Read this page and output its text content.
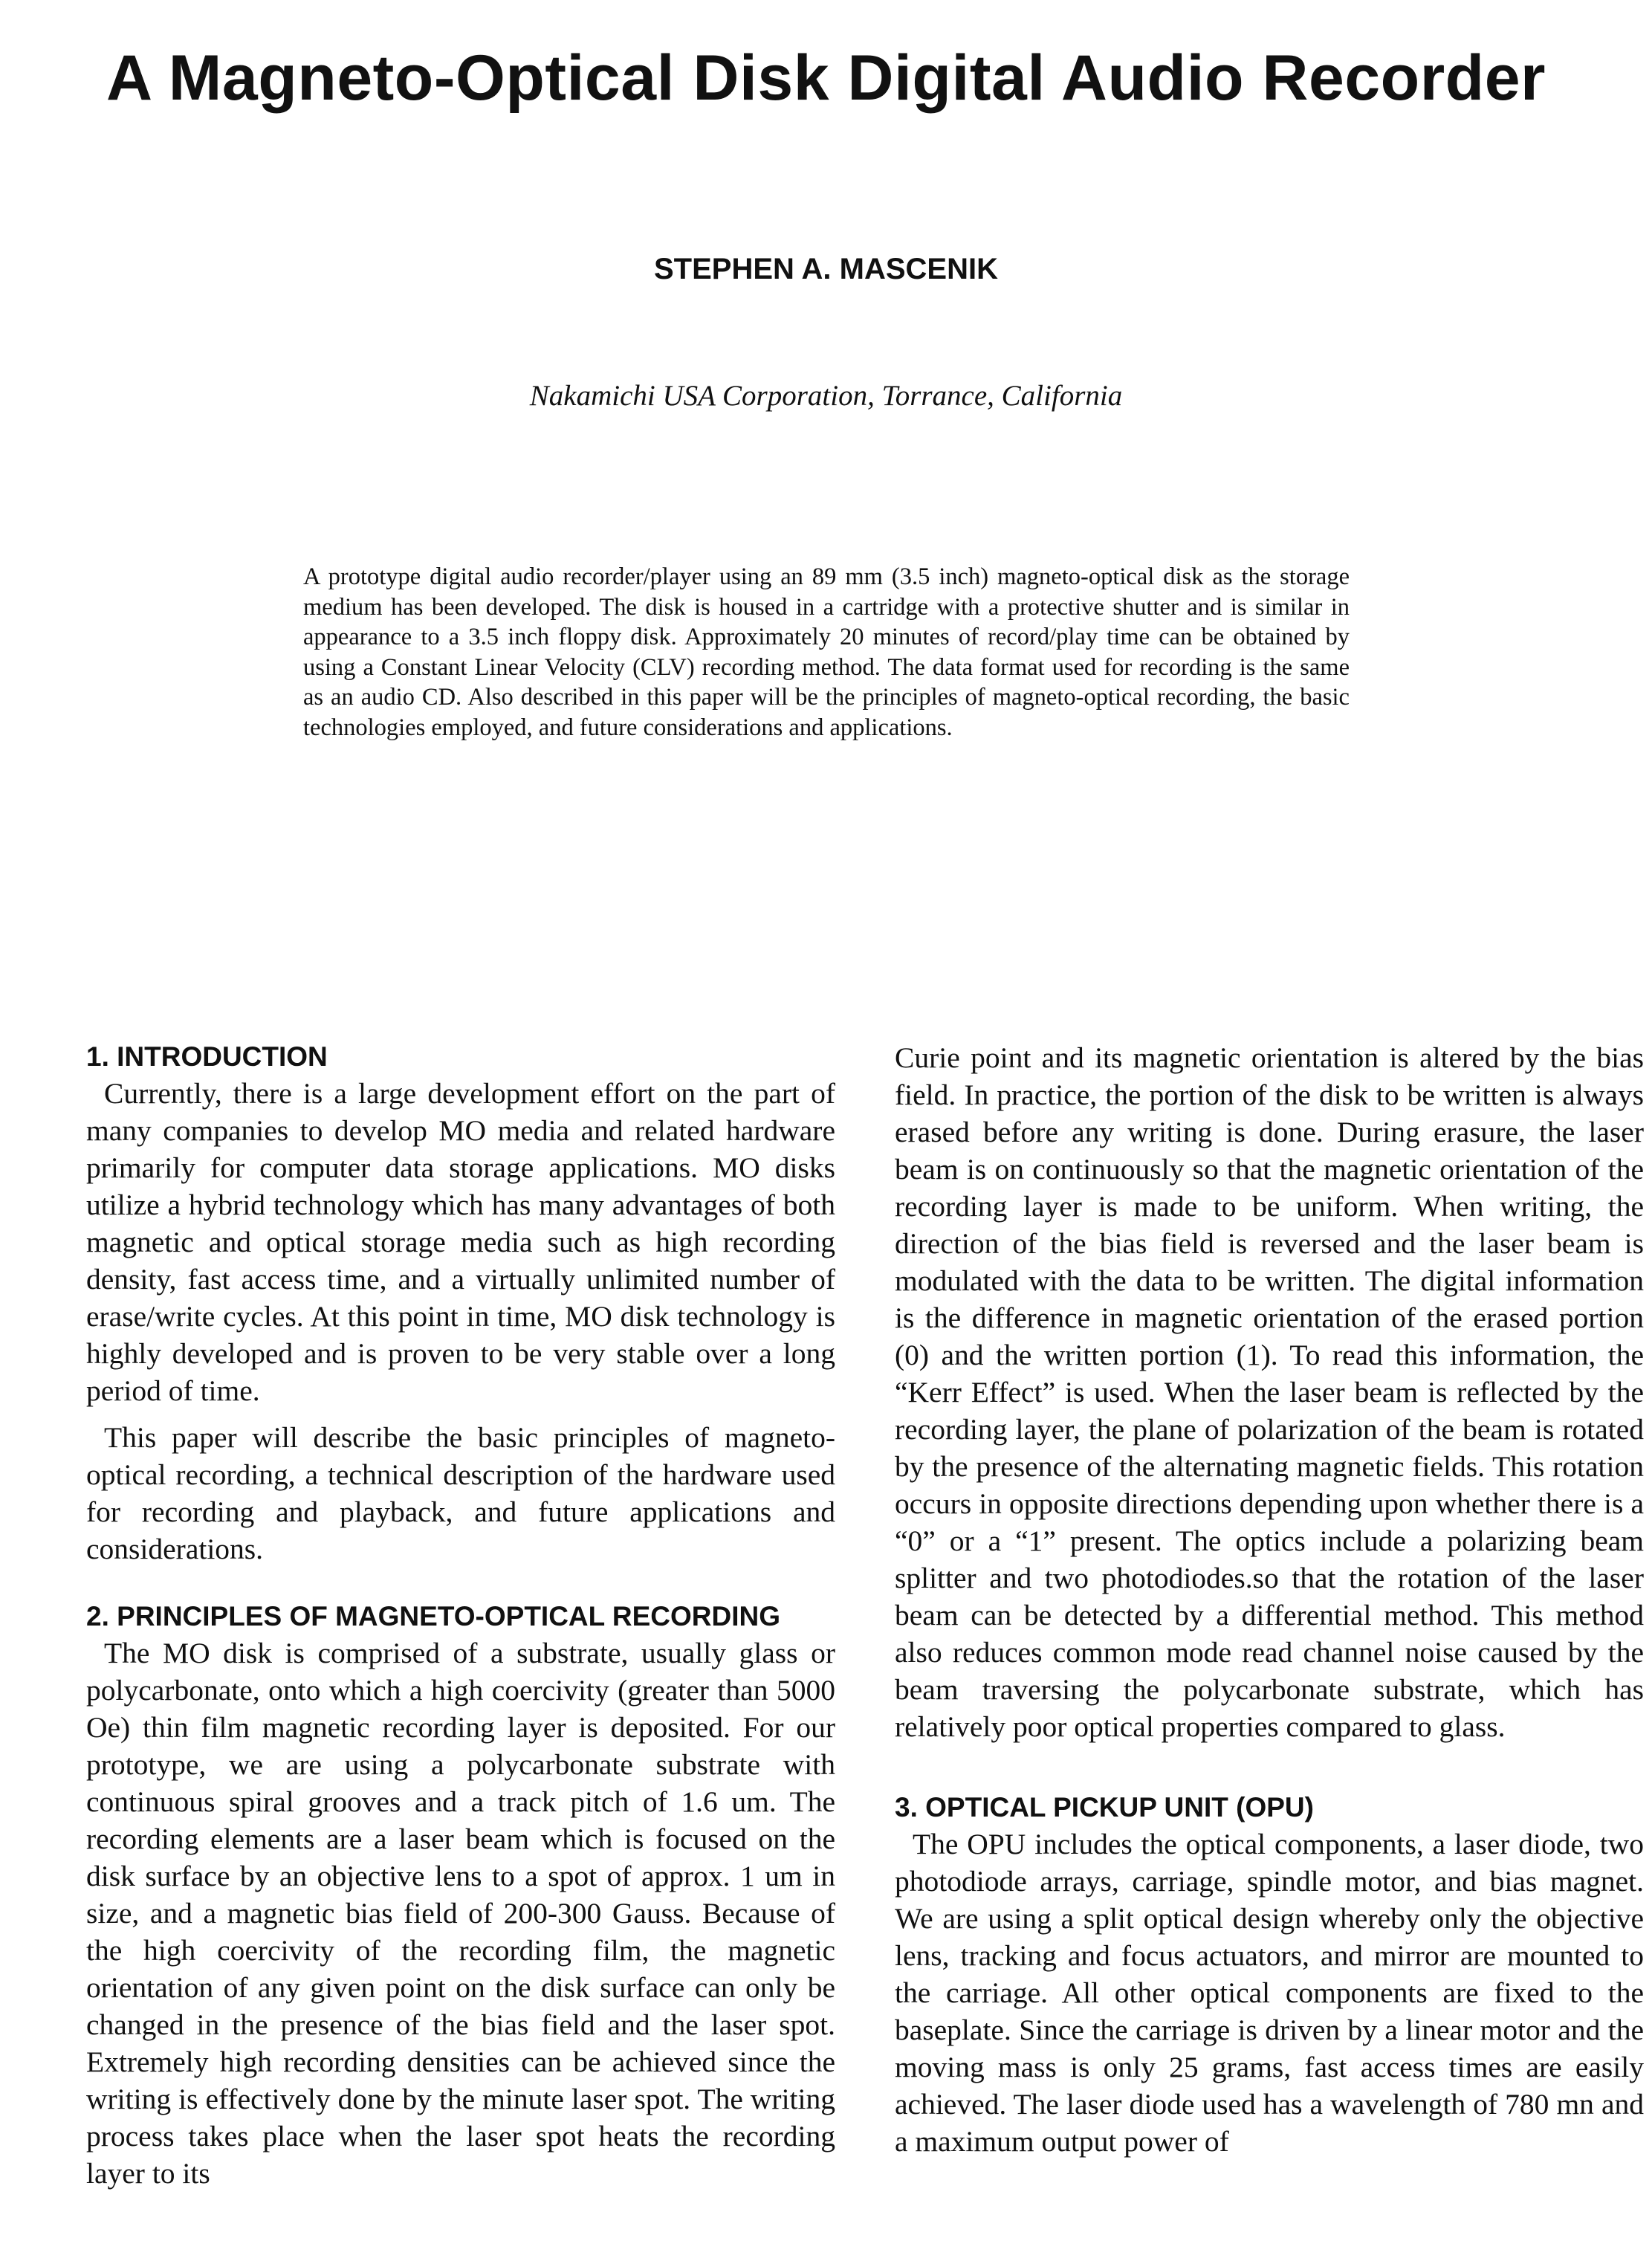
A Magneto-Optical Disk Digital Audio Recorder
STEPHEN A. MASCENIK
Nakamichi USA Corporation, Torrance, California

A prototype digital audio recorder/player using an 89 mm (3.5 inch) magneto-optical disk as the storage medium has been developed. The disk is housed in a cartridge with a protective shutter and is similar in appearance to a 3.5 inch floppy disk. Approximately 20 minutes of record/play time can be obtained by using a Constant Linear Velocity (CLV) recording method. The data format used for recording is the same as an audio CD. Also described in this paper will be the principles of magneto-optical recording, the basic technologies employed, and future considerations and applications.

1. INTRODUCTION

Currently, there is a large development effort on the part of many companies to develop MO media and related hardware primarily for computer data storage applications. MO disks utilize a hybrid technology which has many advantages of both magnetic and optical storage media such as high recording density, fast access time, and a virtually unlimited number of erase/write cycles. At this point in time, MO disk technology is highly developed and is proven to be very stable over a long period of time.

This paper will describe the basic principles of magneto-optical recording, a technical description of the hardware used for recording and playback, and future applications and considerations.

2. PRINCIPLES OF MAGNETO-OPTICAL RECORDING

The MO disk is comprised of a substrate, usually glass or polycarbonate, onto which a high coercivity (greater than 5000 Oe) thin film magnetic recording layer is deposited. For our prototype, we are using a polycarbonate substrate with continuous spiral grooves and a track pitch of 1.6 um. The recording elements are a laser beam which is focused on the disk surface by an objective lens to a spot of approx. 1 um in size, and a magnetic bias field of 200-300 Gauss. Because of the high coercivity of the recording film, the magnetic orientation of any given point on the disk surface can only be changed in the presence of the bias field and the laser spot. Extremely high recording densities can be achieved since the writing is effectively done by the minute laser spot. The writing process takes place when the laser spot heats the recording layer to its

Curie point and its magnetic orientation is altered by the bias field. In practice, the portion of the disk to be written is always erased before any writing is done. During erasure, the laser beam is on continuously so that the magnetic orientation of the recording layer is made to be uniform. When writing, the direction of the bias field is reversed and the laser beam is modulated with the data to be written. The digital information is the difference in magnetic orientation of the erased portion (0) and the written portion (1). To read this information, the “Kerr Effect” is used. When the laser beam is reflected by the recording layer, the plane of polarization of the beam is rotated by the presence of the alternating magnetic fields. This rotation occurs in opposite directions depending upon whether there is a “0” or a “1” present. The optics include a polarizing beam splitter and two photodiodes.so that the rotation of the laser beam can be detected by a differential method. This method also reduces common mode read channel noise caused by the beam traversing the polycarbonate substrate, which has relatively poor optical properties compared to glass.

3. OPTICAL PICKUP UNIT (OPU)

The OPU includes the optical components, a laser diode, two photodiode arrays, carriage, spindle motor, and bias magnet. We are using a split optical design whereby only the objective lens, tracking and focus actuators, and mirror are mounted to the carriage. All other optical components are fixed to the baseplate. Since the carriage is driven by a linear motor and the moving mass is only 25 grams, fast access times are easily achieved. The laser diode used has a wavelength of 780 mn and a maximum output power of
